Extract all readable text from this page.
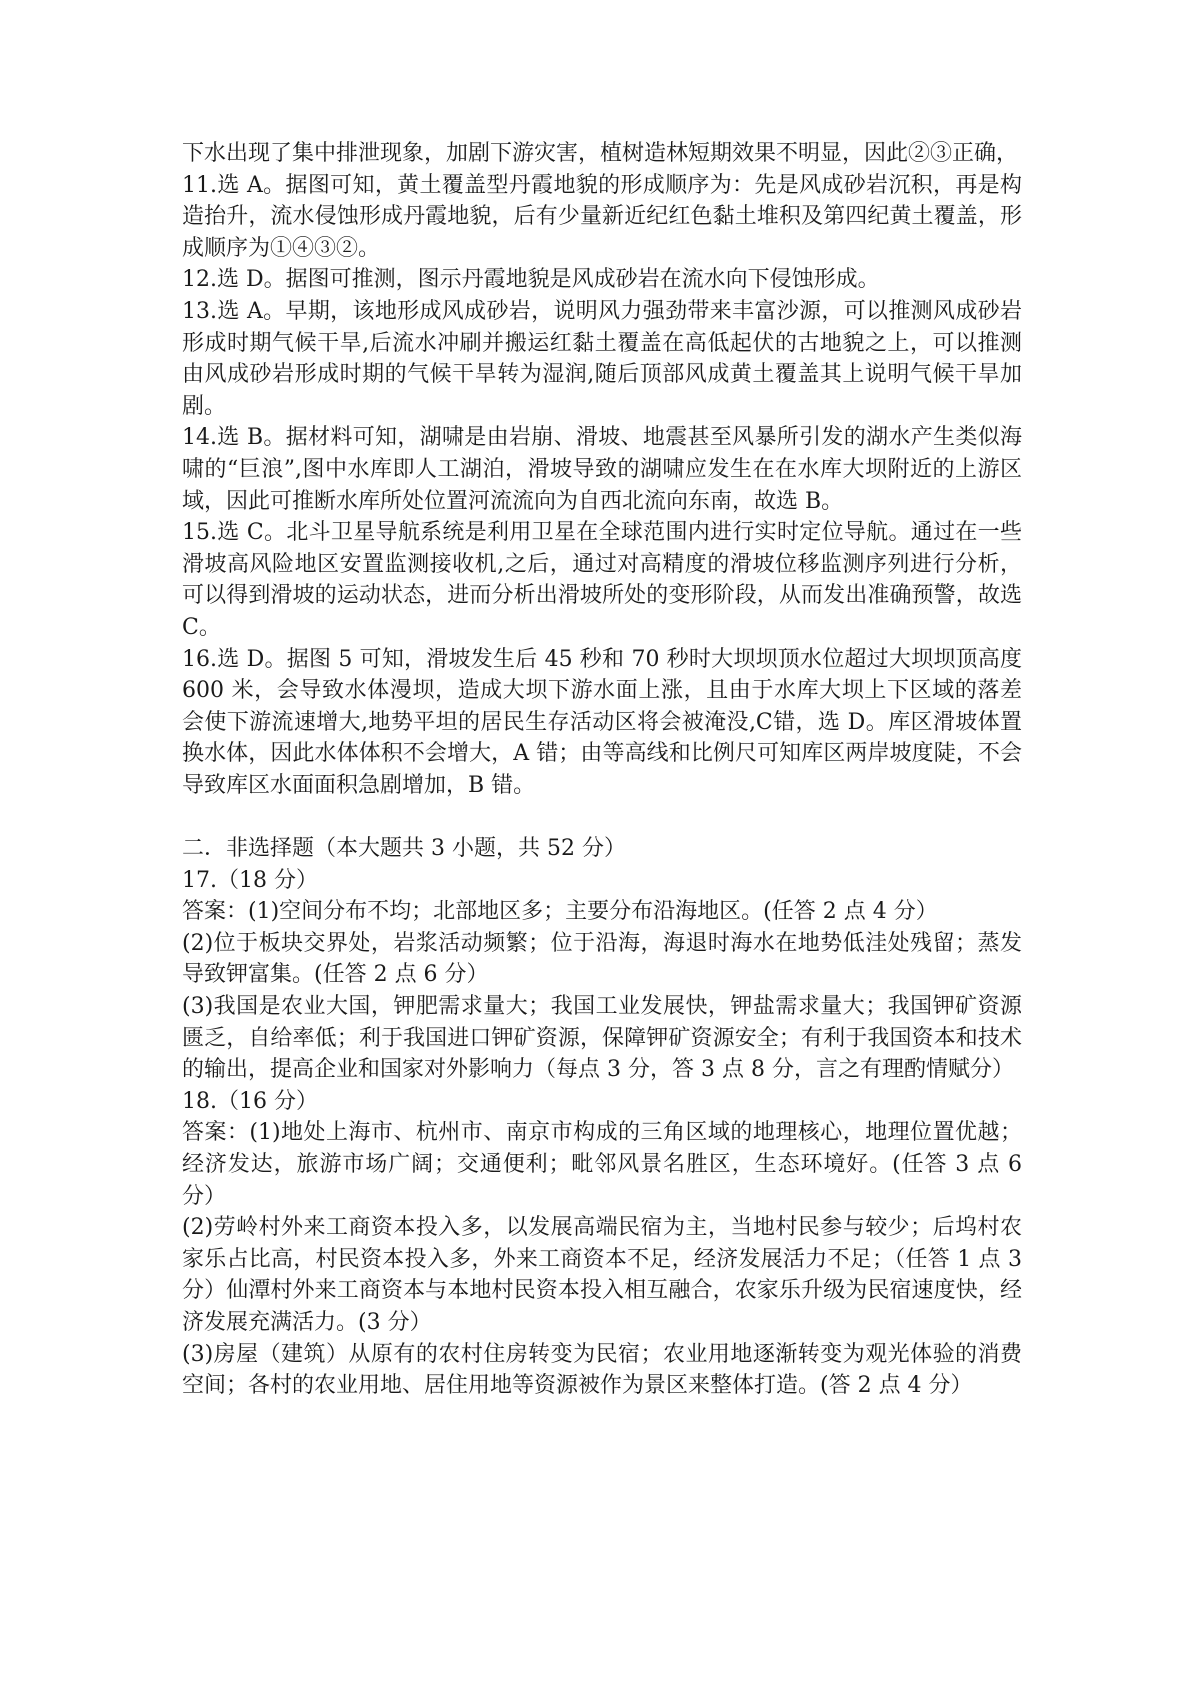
下水出现了集中排泄现象，加剧下游灾害，植树造林短期效果不明显，因此②③正确，

11.选 A。据图可知，黄土覆盖型丹霞地貌的形成顺序为：先是风成砂岩沉积，再是构造抬升，流水侵蚀形成丹霞地貌，后有少量新近纪红色黏土堆积及第四纪黄土覆盖，形成顺序为①④③②。

12.选 D。据图可推测，图示丹霞地貌是风成砂岩在流水向下侵蚀形成。

13.选 A。早期，该地形成风成砂岩，说明风力强劲带来丰富沙源，可以推测风成砂岩形成时期气候干旱,后流水冲刷并搬运红黏土覆盖在高低起伏的古地貌之上，可以推测由风成砂岩形成时期的气候干旱转为湿润,随后顶部风成黄土覆盖其上说明气候干旱加剧。

14.选 B。据材料可知，湖啸是由岩崩、滑坡、地震甚至风暴所引发的湖水产生类似海啸的“巨浪”,图中水库即人工湖泊，滑坡导致的湖啸应发生在在水库大坝附近的上游区域，因此可推断水库所处位置河流流向为自西北流向东南，故选 B。

15.选 C。北斗卫星导航系统是利用卫星在全球范围内进行实时定位导航。通过在一些滑坡高风险地区安置监测接收机,之后，通过对高精度的滑坡位移监测序列进行分析，可以得到滑坡的运动状态，进而分析出滑坡所处的变形阶段，从而发出准确预警，故选 C。

16.选 D。据图 5 可知，滑坡发生后 45 秒和 70 秒时大坝坝顶水位超过大坝坝顶高度 600 米，会导致水体漫坝，造成大坝下游水面上涨，且由于水库大坝上下区域的落差会使下游流速增大,地势平坦的居民生存活动区将会被淹没,C错，选 D。库区滑坡体置换水体，因此水体体积不会增大，A 错；由等高线和比例尺可知库区两岸坡度陡，不会导致库区水面面积急剧增加，B 错。

二．非选择题（本大题共 3 小题，共 52 分）

17.（18 分）

答案：(1)空间分布不均；北部地区多；主要分布沿海地区。(任答 2 点 4 分）

(2)位于板块交界处，岩浆活动频繁；位于沿海，海退时海水在地势低洼处残留；蒸发导致钾富集。(任答 2 点 6 分）

(3)我国是农业大国，钾肥需求量大；我国工业发展快，钾盐需求量大；我国钾矿资源匮乏，自给率低；利于我国进口钾矿资源，保障钾矿资源安全；有利于我国资本和技术的输出，提高企业和国家对外影响力（每点 3 分，答 3 点 8 分，言之有理酌情赋分）

18.（16 分）

答案：(1)地处上海市、杭州市、南京市构成的三角区域的地理核心，地理位置优越；经济发达，旅游市场广阔；交通便利；毗邻风景名胜区，生态环境好。(任答 3 点 6 分）

(2)劳岭村外来工商资本投入多，以发展高端民宿为主，当地村民参与较少；后坞村农家乐占比高，村民资本投入多，外来工商资本不足，经济发展活力不足；（任答 1 点 3 分）仙潭村外来工商资本与本地村民资本投入相互融合，农家乐升级为民宿速度快，经济发展充满活力。(3 分）

(3)房屋（建筑）从原有的农村住房转变为民宿；农业用地逐渐转变为观光体验的消费空间；各村的农业用地、居住用地等资源被作为景区来整体打造。(答 2 点 4 分）
